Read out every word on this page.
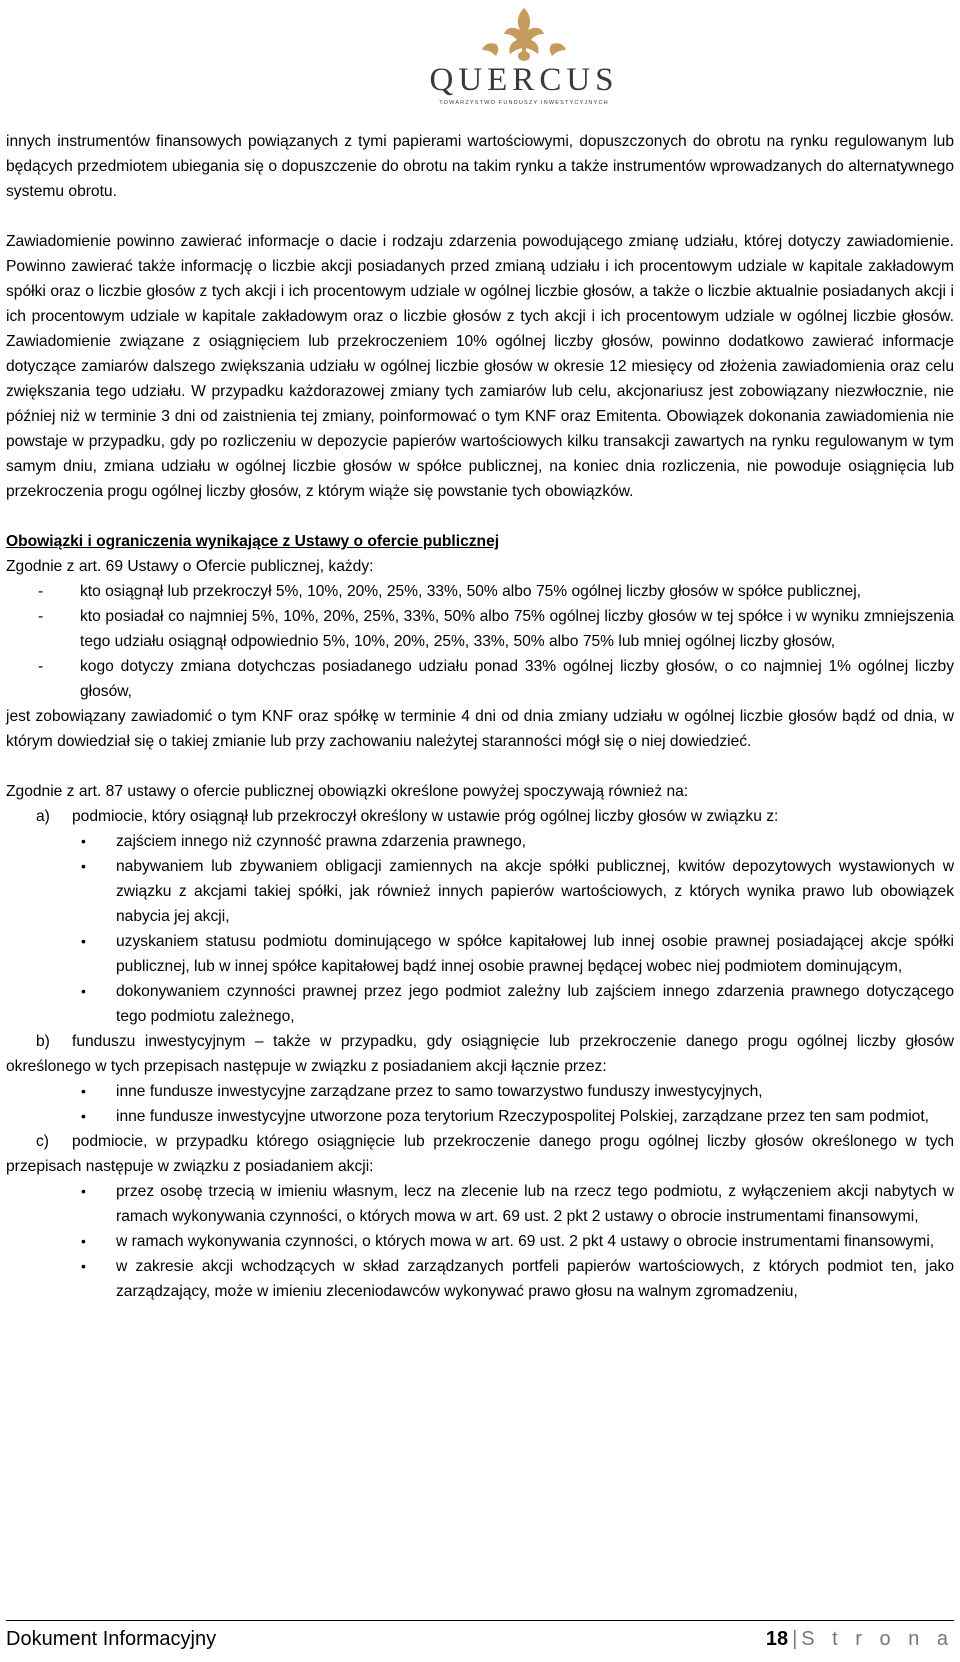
QUERCUS
TOWARZYSTWO FUNDUSZY INWESTYCYJNYCH

innych instrumentów finansowych powiązanych z tymi papierami wartościowymi, dopuszczonych do obrotu na rynku regulowanym lub będących przedmiotem ubiegania się o dopuszczenie do obrotu na takim rynku a także instrumentów wprowadzanych do alternatywnego systemu obrotu.

Zawiadomienie powinno zawierać informacje o dacie i rodzaju zdarzenia powodującego zmianę udziału, której dotyczy zawiadomienie. Powinno zawierać także informację o liczbie akcji posiadanych przed zmianą udziału i ich procentowym udziale w kapitale zakładowym spółki oraz o liczbie głosów z tych akcji i ich procentowym udziale w ogólnej liczbie głosów, a także o liczbie aktualnie posiadanych akcji i ich procentowym udziale w kapitale zakładowym oraz o liczbie głosów z tych akcji i ich procentowym udziale w ogólnej liczbie głosów. Zawiadomienie związane z osiągnięciem lub przekroczeniem 10% ogólnej liczby głosów, powinno dodatkowo zawierać informacje dotyczące zamiarów dalszego zwiększania udziału w ogólnej liczbie głosów w okresie 12 miesięcy od złożenia zawiadomienia oraz celu zwiększania tego udziału. W przypadku każdorazowej zmiany tych zamiarów lub celu, akcjonariusz jest zobowiązany niezwłocznie, nie później niż w terminie 3 dni od zaistnienia tej zmiany, poinformować o tym KNF oraz Emitenta. Obowiązek dokonania zawiadomienia nie powstaje w przypadku, gdy po rozliczeniu w depozycie papierów wartościowych kilku transakcji zawartych na rynku regulowanym w tym samym dniu, zmiana udziału w ogólnej liczbie głosów w spółce publicznej, na koniec dnia rozliczenia, nie powoduje osiągnięcia lub przekroczenia progu ogólnej liczby głosów, z którym wiąże się powstanie tych obowiązków.

Obowiązki i ograniczenia wynikające z Ustawy o ofercie publicznej

Zgodnie z art. 69 Ustawy o Ofercie publicznej, każdy:

- kto osiągnął lub przekroczył 5%, 10%, 20%, 25%, 33%, 50% albo 75% ogólnej liczby głosów w spółce publicznej,
- kto posiadał co najmniej 5%, 10%, 20%, 25%, 33%, 50% albo 75% ogólnej liczby głosów w tej spółce i w wyniku zmniejszenia tego udziału osiągnął odpowiednio 5%, 10%, 20%, 25%, 33%, 50% albo 75% lub mniej ogólnej liczby głosów,
- kogo dotyczy zmiana dotychczas posiadanego udziału ponad 33% ogólnej liczby głosów, o co najmniej 1% ogólnej liczby głosów,

jest zobowiązany zawiadomić o tym KNF oraz spółkę w terminie 4 dni od dnia zmiany udziału w ogólnej liczbie głosów bądź od dnia, w którym dowiedział się o takiej zmianie lub przy zachowaniu należytej staranności mógł się o niej dowiedzieć.

Zgodnie z art. 87 ustawy o ofercie publicznej obowiązki określone powyżej spoczywają również na:

a) podmiocie, który osiągnął lub przekroczył określony w ustawie próg ogólnej liczby głosów w związku z:
• zajściem innego niż czynność prawna zdarzenia prawnego,
• nabywaniem lub zbywaniem obligacji zamiennych na akcje spółki publicznej, kwitów depozytowych wystawionych w związku z akcjami takiej spółki, jak również innych papierów wartościowych, z których wynika prawo lub obowiązek nabycia jej akcji,
• uzyskaniem statusu podmiotu dominującego w spółce kapitałowej lub innej osobie prawnej posiadającej akcje spółki publicznej, lub w innej spółce kapitałowej bądź innej osobie prawnej będącej wobec niej podmiotem dominującym,
• dokonywaniem czynności prawnej przez jego podmiot zależny lub zajściem innego zdarzenia prawnego dotyczącego tego podmiotu zależnego,

b) funduszu inwestycyjnym – także w przypadku, gdy osiągnięcie lub przekroczenie danego progu ogólnej liczby głosów określonego w tych przepisach następuje w związku z posiadaniem akcji łącznie przez:

• inne fundusze inwestycyjne zarządzane przez to samo towarzystwo funduszy inwestycyjnych,
• inne fundusze inwestycyjne utworzone poza terytorium Rzeczypospolitej Polskiej, zarządzane przez ten sam podmiot,

c) podmiocie, w przypadku którego osiągnięcie lub przekroczenie danego progu ogólnej liczby głosów określonego w tych przepisach następuje w związku z posiadaniem akcji:

• przez osobę trzecią w imieniu własnym, lecz na zlecenie lub na rzecz tego podmiotu, z wyłączeniem akcji nabytych w ramach wykonywania czynności, o których mowa w art. 69 ust. 2 pkt 2 ustawy o obrocie instrumentami finansowymi,
• w ramach wykonywania czynności, o których mowa w art. 69 ust. 2 pkt 4 ustawy o obrocie instrumentami finansowymi,
• w zakresie akcji wchodzących w skład zarządzanych portfeli papierów wartościowych, z których podmiot ten, jako zarządzający, może w imieniu zleceniodawców wykonywać prawo głosu na walnym zgromadzeniu,
Dokument Informacyjny	18 | S t r o n a
